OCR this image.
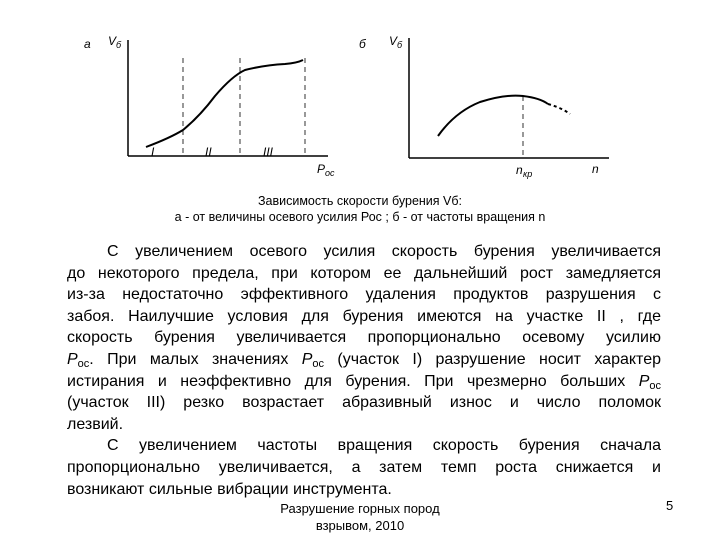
а V б
I	II	III
P ос
б V б
n кр	n
Зависимость скорости бурения Vб:
а - от величины осевого усилия Рос ; б - от частоты вращения n
С увеличением осевого усилия скорость бурения увеличивается
до некоторого предела, при котором ее дальнейший рост замедляется
из-за недостаточно эффективного удаления продуктов разрушения с
забоя. Наилучшие условия для бурения имеются на участке II , где
скорость бурения увеличивается пропорционально осевому усилию
$P_{ос}$. При малых значениях $P_{ос}$ (участок I) разрушение носит характер
истирания и неэффективно для бурения. При чрезмерно больших $P_{ос}$
(участок III) резко возрастает абразивный износ и число поломок
лезвий.
С увеличением частоты вращения скорость бурения сначала
пропорционально увеличивается, а затем темп роста снижается и
возникают сильные вибрации инструмента.
Разрушение горных пород
взрывом, 2010
5
